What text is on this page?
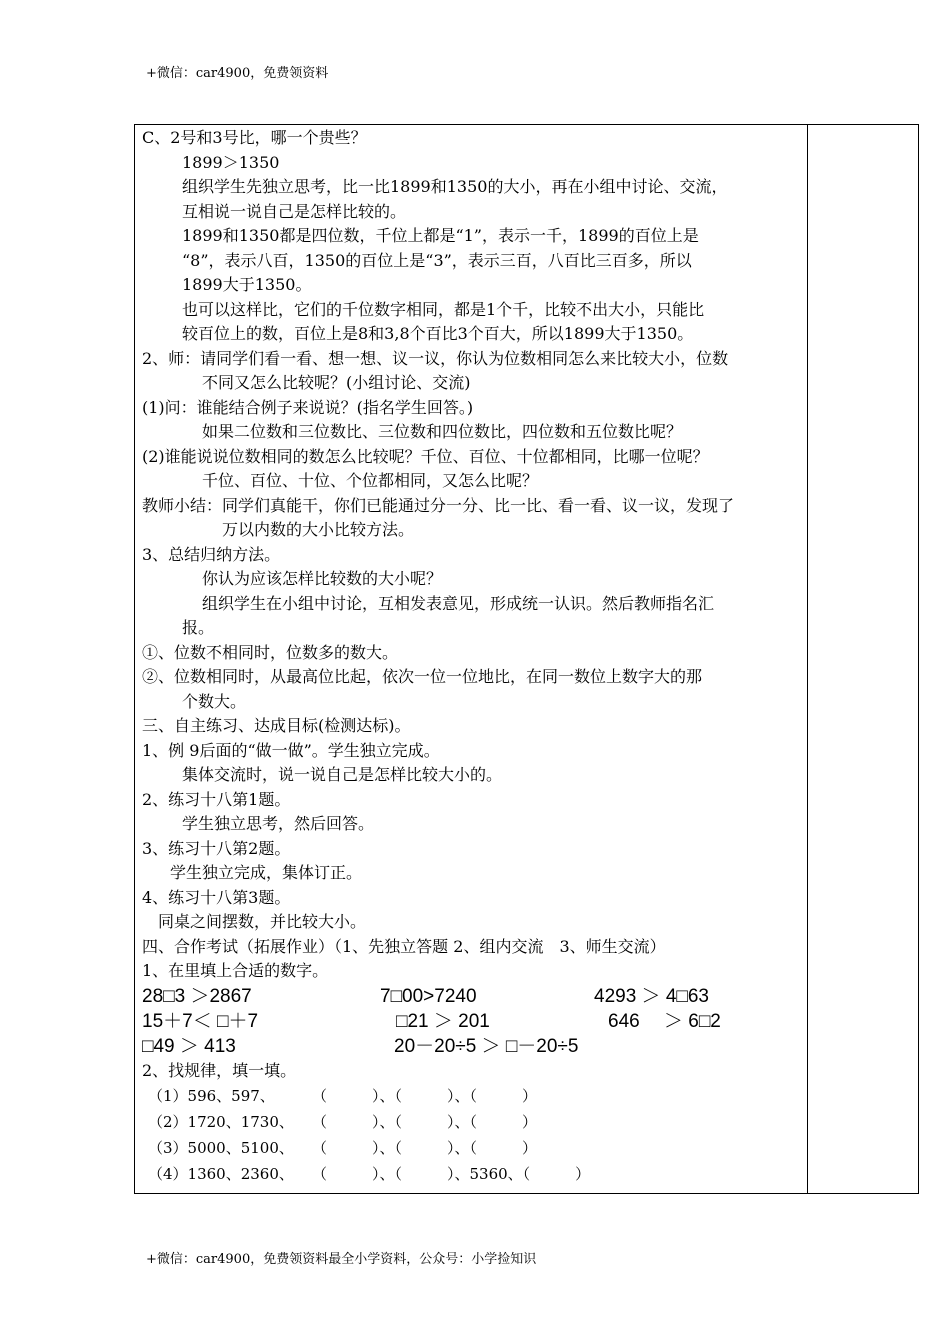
+微信：car4900，免费领资料
C、2号和3号比，哪一个贵些？
1899＞1350
组织学生先独立思考，比一比1899和1350的大小，再在小组中讨论、交流，
互相说一说自己是怎样比较的。
1899和1350都是四位数，千位上都是“1”，表示一千，1899的百位上是
“8”，表示八百，1350的百位上是“3”，表示三百，八百比三百多，所以
1899大于1350。
也可以这样比，它们的千位数字相同，都是1个千，比较不出大小，只能比
较百位上的数，百位上是8和3,8个百比3个百大，所以1899大于1350。
2、师：请同学们看一看、想一想、议一议，你认为位数相同怎么来比较大小，位数
不同又怎么比较呢？(小组讨论、交流)
(1)问：谁能结合例子来说说？(指名学生回答。)
如果二位数和三位数比、三位数和四位数比，四位数和五位数比呢？
(2)谁能说说位数相同的数怎么比较呢？千位、百位、十位都相同，比哪一位呢？
千位、百位、十位、个位都相同，又怎么比呢？
教师小结：同学们真能干，你们已能通过分一分、比一比、看一看、议一议，发现了
万以内数的大小比较方法。
3、总结归纳方法。
你认为应该怎样比较数的大小呢？
组织学生在小组中讨论，互相发表意见，形成统一认识。然后教师指名汇
报。
①、位数不相同时，位数多的数大。
②、位数相同时，从最高位比起，依次一位一位地比，在同一数位上数字大的那
个数大。
三、自主练习、达成目标(检测达标)。
1、例 9后面的“做一做”。学生独立完成。
集体交流时，说一说自己是怎样比较大小的。
2、练习十八第1题。
学生独立思考，然后回答。
3、练习十八第2题。
学生独立完成，集体订正。
4、练习十八第3题。
同桌之间摆数，并比较大小。
四、合作考试（拓展作业）（1、先独立答题 2、组内交流　3、师生交流）
1、在里填上合适的数字。
28□3 ＞2867	7□00>7240	4293 ＞ 4□63
15＋7＜ □＋7	□21 ＞ 201	646 　＞ 6□2
□49 ＞ 413	20－20÷5 ＞ □－20÷5
2、找规律，填一填。
（1）596、597、 （　　　）、（　　　）、（　　　）
（2）1720、1730、 （　　　）、（　　　）、（　　　）
（3）5000、5100、 （　　　）、（　　　）、（　　　）
（4）1360、2360、 （　　　）、（　　　）、5360、（　　　）
+微信：car4900，免费领资料最全小学资料，公众号：小学捡知识
